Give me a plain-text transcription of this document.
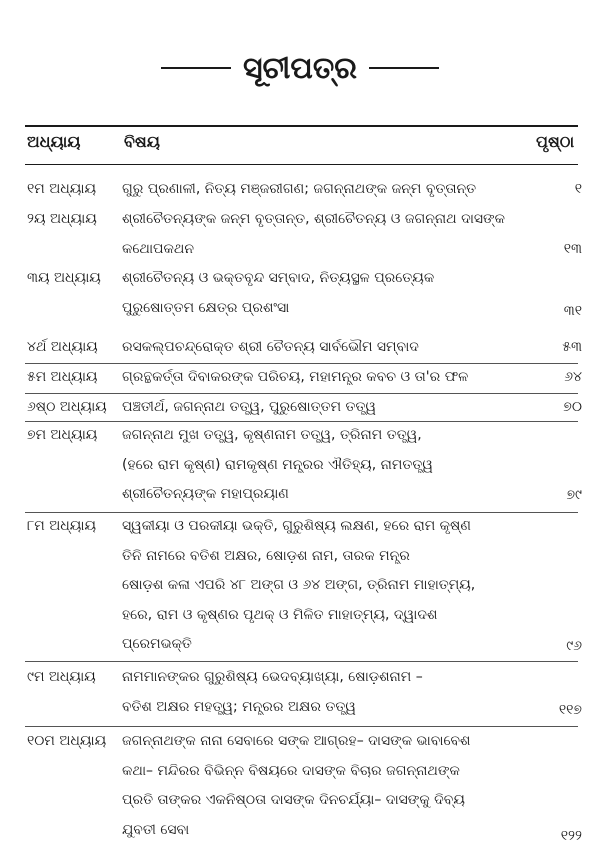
ସୂଚୀପତ୍ର
ଅଧ୍ୟାୟ	ବିଷୟ	ପୃଷ୍ଠା
୧ମ ଅଧ୍ୟାୟ ଗୁରୁ ପ୍ରଣାଳୀ, ନିତ୍ୟ ମଞ୍ଜରୀଗଣ; ଜଗନ୍ନାଥଙ୍କ ଜନ୍ମ ବୃତ୍ତାନ୍ତ	୧
୨ୟ ଅଧ୍ୟାୟ ଶ୍ରୀଚୈତନ୍ୟଙ୍କ ଜନ୍ମ ବୃତ୍ତାନ୍ତ, ଶ୍ରୀଚୈତନ୍ୟ ଓ ଜଗନ୍ନାଥ ଦାସଙ୍କ
କଥୋପକଥନ	୧୩
୩ୟ ଅଧ୍ୟାୟ ଶ୍ରୀଚୈତନ୍ୟ ଓ ଭକ୍ତବୃନ୍ଦ ସମ୍ବାଦ, ନିତ୍ୟସ୍ଥଳ ପ୍ରତ୍ୟେକ
ପୁରୁଷୋତ୍ତମ କ୍ଷେତ୍ର ପ୍ରଶଂସା	୩୧
୪ର୍ଥ ଅଧ୍ୟାୟ ରସକଲ୍ପଚନ୍ଦ୍ରୋକ୍ତ ଶ୍ରୀ ଚୈତନ୍ୟ ସାର୍ବଭୌମ ସମ୍ବାଦ	୫୩
୫ମ ଅଧ୍ୟାୟ ଗ୍ରନ୍ଥକର୍ତ୍ତା ଦିବାକରଙ୍କ ପରିଚୟ, ମହାମନ୍ତ୍ର କବଚ ଓ ତା'ର ଫଳ	୬୪
୬ଷ୍ଠ ଅଧ୍ୟାୟ ପଞ୍ଚତୀର୍ଥ, ଜଗନ୍ନାଥ ତତ୍ତ୍ୱ, ପୁରୁଷୋତ୍ତମ ତତ୍ତ୍ୱ	୭୦
୭ମ ଅଧ୍ୟାୟ ଜଗନ୍ନାଥ ମୁଖ ତତ୍ତ୍ୱ, କୃଷ୍ଣନାମ ତତ୍ତ୍ୱ, ତ୍ରିନାମ ତତ୍ତ୍ୱ,
(ହରେ ରାମ କୃଷ୍ଣ) ରାମକୃଷ୍ଣ ମନ୍ତ୍ରର ଐତିହ୍ୟ, ନାମତତ୍ତ୍ୱ
ଶ୍ରୀଚୈତନ୍ୟଙ୍କ ମହାପ୍ରୟାଣ	୭୯
୮ମ ଅଧ୍ୟାୟ ସ୍ୱକୀୟା ଓ ପରକୀୟା ଭକ୍ତି, ଗୁରୁଶିଷ୍ୟ ଲକ୍ଷଣ, ହରେ ରାମ କୃଷ୍ଣ
ତିନି ନାମରେ ବତିଶ ଅକ୍ଷର, ଷୋଡ଼ଶ ନାମ, ତାରକ ମନ୍ତ୍ର
ଷୋଡ଼ଶ କଳା ଏପରି ୪୮ ଅଙ୍ଗ ଓ ୬୪ ଅଙ୍ଗ, ତ୍ରିନାମ ମାହାତ୍ମ୍ୟ,
ହରେ, ରାମ ଓ କୃଷ୍ଣର ପୃଥକ୍ ଓ ମିଳିତ ମାହାତ୍ମ୍ୟ, ଦ୍ୱାଦଶ
ପ୍ରେମଭକ୍ତି	୯୬
୯ମ ଅଧ୍ୟାୟ ନାମମାନଙ୍କର ଗୁରୁଶିଷ୍ୟ ଭେଦବ୍ୟାଖ୍ୟା, ଷୋଡ଼ଶନାମ –
ବତିଶ ଅକ୍ଷର ମହତ୍ତ୍ୱ; ମନ୍ତ୍ରର ଅକ୍ଷର ତତ୍ତ୍ୱ	୧୧୭
୧୦ମ ଅଧ୍ୟାୟ ଜଗନ୍ନାଥଙ୍କ ନାନା ସେବାରେ ସଙ୍କ ଆଗ୍ରହ– ଦାସଙ୍କ ଭାବାବେଶ
କଥା– ମନ୍ଦିରର ବିଭିନ୍ନ ବିଷୟରେ ଦାସଙ୍କ ବିଚାର ଜଗନ୍ନାଥଙ୍କ
ପ୍ରତି ତାଙ୍କର ଏକନିଷ୍ଠତା ଦାସଙ୍କ ଦିନଚର୍ଯ୍ୟା– ଦାସଙ୍କୁ ଦିବ୍ୟ
ଯୁବତୀ ସେବା	୧୨୨
